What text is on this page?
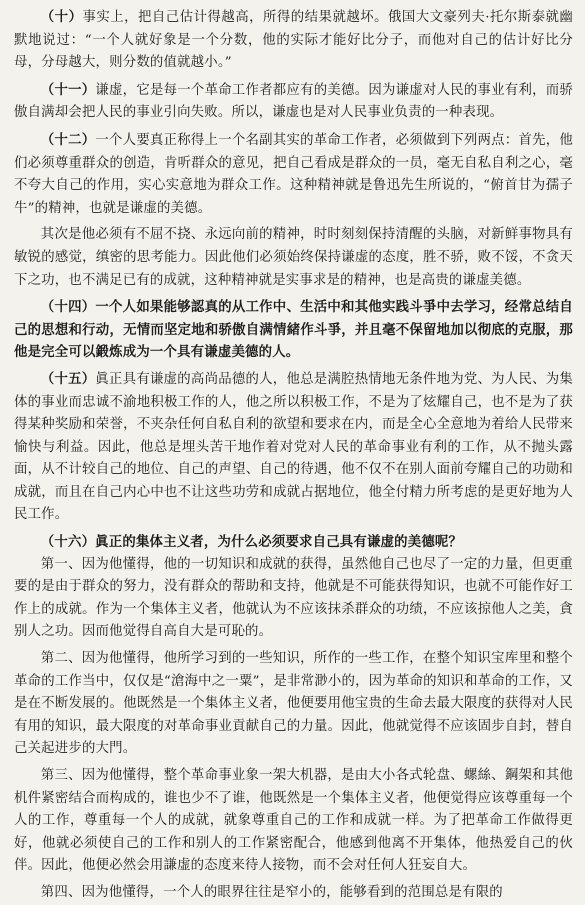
（十）事实上，把自己估计得越高，所得的结果就越坏。俄国大文豪列夫·托尔斯泰就幽默地说过：“一个人就好象是一个分数，他的实际才能好比分子，而他对自己的估计好比分母，分母越大，则分数的值就越小。”

（十一）谦虚，它是每一个革命工作者都应有的美德。因为谦虚对人民的事业有利，而骄傲自满却会把人民的事业引向失败。所以，谦虚也是对人民事业负责的一种表现。

（十二）一个人要真正称得上一个名副其实的革命工作者，必须做到下列两点：首先，他们必须尊重群众的创造，肯听群众的意见，把自己看成是群众的一员，毫无自私自利之心，毫不夸大自己的作用，实心实意地为群众工作。这种精神就是鲁迅先生所说的，“俯首甘为孺子牛”的精神，也就是谦虚的美德。

其次是他必须有不屈不挠、永远向前的精神，时时刻刻保持清醒的头脑，对新鲜事物具有敏锐的感觉，缜密的思考能力。因此他们必须始终保持谦虚的态度，胜不骄，败不馁，不贪天下之功，也不满足已有的成就，这种精神就是实事求是的精神，也是高贵的谦虚美德。

（十四）一个人如果能够認真的从工作中、生活中和其他实践斗爭中去学习，经常总结自己的思想和行动，无情而坚定地和骄傲自满情緒作斗爭，并且毫不保留地加以彻底的克服，那他是完全可以鍛炼成为一个具有谦虚美德的人。

（十五）眞正具有谦虚的高尚品德的人，他总是满腔热情地无条件地为党、为人民、为集体的事业而忠诚不渝地积极工作的人，他之所以积极工作，不是为了炫耀自己，也不是为了获得某种奖励和荣誉，不夹杂任何自私自利的欲望和要求在内，而是全心全意地为着给人民带来愉快与利益。因此，他总是埋头苦干地作着对党对人民的革命事业有利的工作，从不抛头露面，从不计较自己的地位、自己的声望、自己的待遇，他不仅不在别人面前夸耀自己的功勋和成就，而且在自己内心中也不让这些功劳和成就占据地位，他全付精力所考虑的是更好地为人民工作。

（十六）眞正的集体主义者，为什么必须要求自己具有谦虚的美德呢？

第一、因为他懂得，他的一切知识和成就的获得，虽然他自己也尽了一定的力量，但更重要的是由于群众的努力，没有群众的帮助和支持，他就是不可能获得知识，也就不可能作好工作上的成就。作为一个集体主义者，他就认为不应该抹杀群众的功绩，不应该掠他人之美，貪别人之功。因而他觉得自高自大是可恥的。

第二、因为他懂得，他所学习到的一些知识，所作的一些工作，在整个知识宝库里和整个革命的工作当中，仅仅是“滄海中之一粟”，是非常渺小的，因为革命的知识和革命的工作，又是在不断发展的。他既然是一个集体主义者，他便要用他宝贵的生命去最大限度的获得对人民有用的知识，最大限度的对革命事业貢献自己的力量。因此，他就觉得不应该固步自封，替自己关起进步的大門。

第三、因为他懂得，整个革命事业象一架大机器，是由大小各式轮盘、螺絲、鋼架和其他机件紧密结合而构成的，谁也少不了谁，他既然是一个集体主义者，他便觉得应该尊重每一个人的工作，尊重每一个人的成就，就象尊重自己的工作和成就一样。为了把革命工作做得更好，他就必须使自己的工作和别人的工作紧密配合，他感到他离不开集体，他热爱自己的伙伴。因此，他便必然会用謙虚的态度来待人接物，而不会对任何人狂妄自大。

第四、因为他懂得，一个人的眼界往往是窄小的，能够看到的范围总是有限的
